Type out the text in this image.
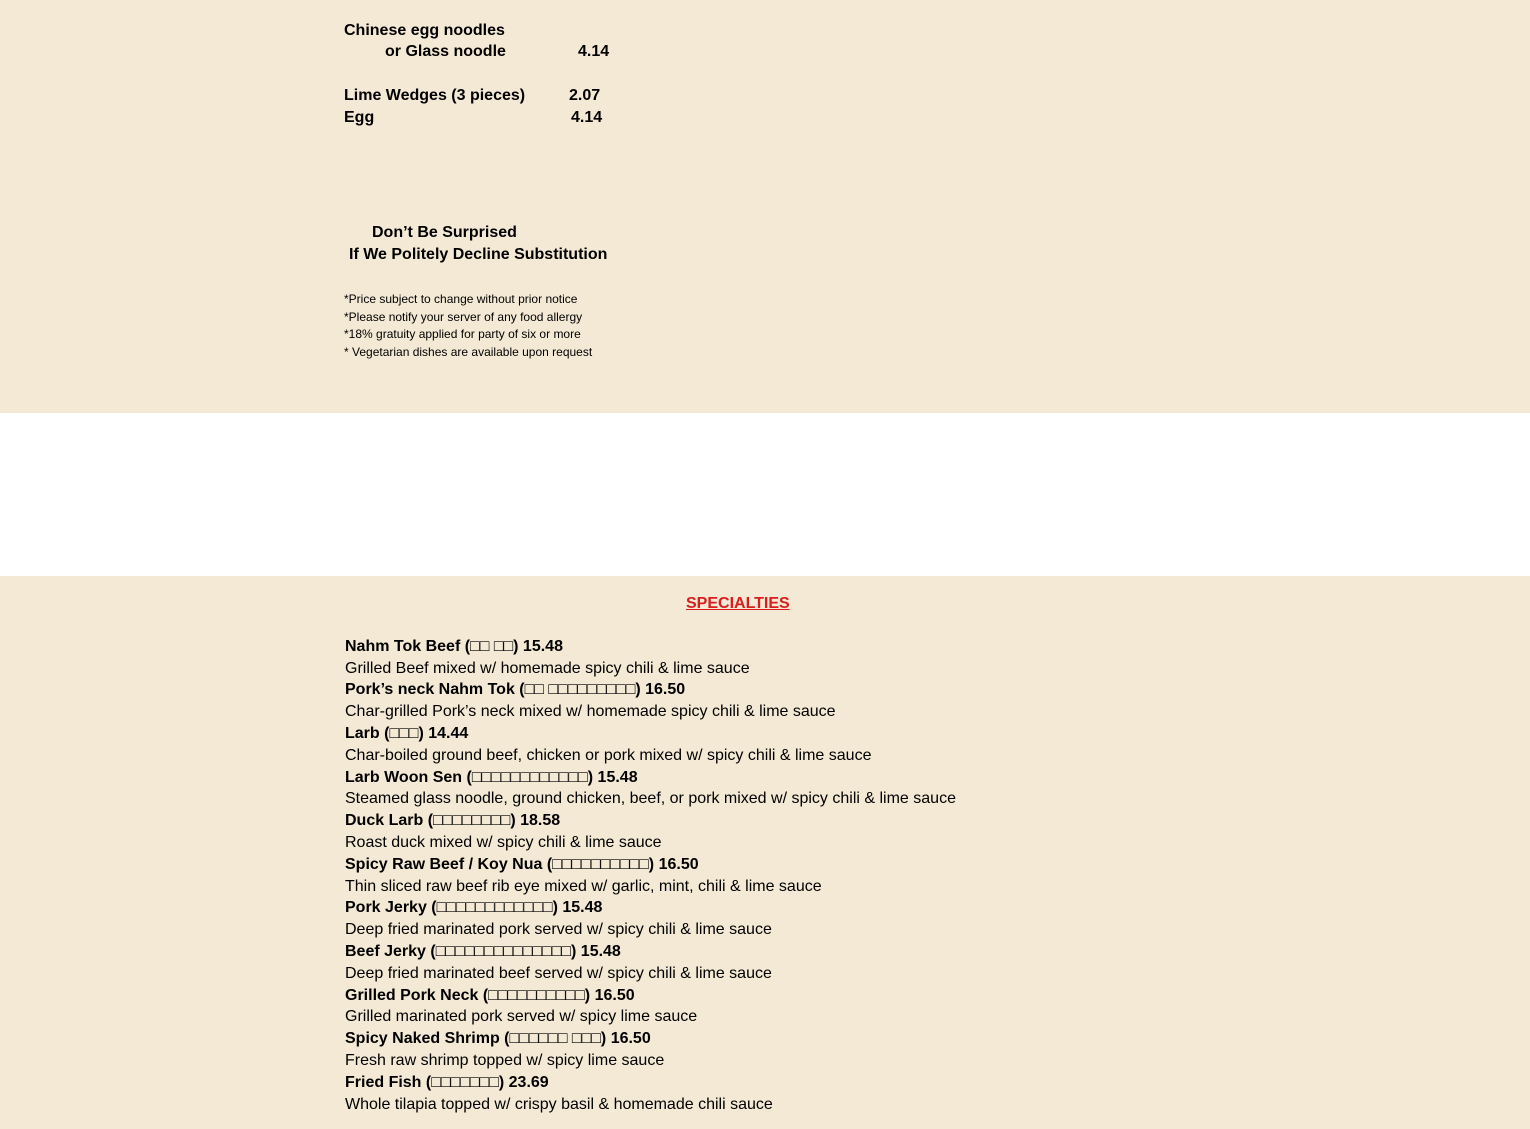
Chinese egg noodles
or Glass noodle	4.14
Lime Wedges (3 pieces)	2.07
Egg	4.14
Don’t Be Surprised
If We Politely Decline Substitution
*Price subject to change without prior notice
*Please notify your server of any food allergy
*18% gratuity applied for party of six or more
* Vegetarian dishes are available upon request
SPECIALTIES
Nahm Tok Beef (□□ □□) 15.48
Grilled Beef mixed w/ homemade spicy chili & lime sauce
Pork’s neck Nahm Tok (□□ □□□□□□□□□) 16.50
Char-grilled Pork’s neck mixed w/ homemade spicy chili & lime sauce
Larb (□□□) 14.44
Char-boiled ground beef, chicken or pork mixed w/ spicy chili & lime sauce
Larb Woon Sen (□□□□□□□□□□□□) 15.48
Steamed glass noodle, ground chicken, beef, or pork mixed w/ spicy chili & lime sauce
Duck Larb (□□□□□□□□) 18.58
Roast duck mixed w/ spicy chili & lime sauce
Spicy Raw Beef / Koy Nua (□□□□□□□□□□) 16.50
Thin sliced raw beef rib eye mixed w/ garlic, mint, chili & lime sauce
Pork Jerky (□□□□□□□□□□□□) 15.48
Deep fried marinated pork served w/ spicy chili & lime sauce
Beef Jerky (□□□□□□□□□□□□□□) 15.48
Deep fried marinated beef served w/ spicy chili & lime sauce
Grilled Pork Neck (□□□□□□□□□□) 16.50
Grilled marinated pork served w/ spicy lime sauce
Spicy Naked Shrimp (□□□□□□ □□□) 16.50
Fresh raw shrimp topped w/ spicy lime sauce
Fried Fish (□□□□□□□) 23.69
Whole tilapia topped w/ crispy basil & homemade chili sauce
